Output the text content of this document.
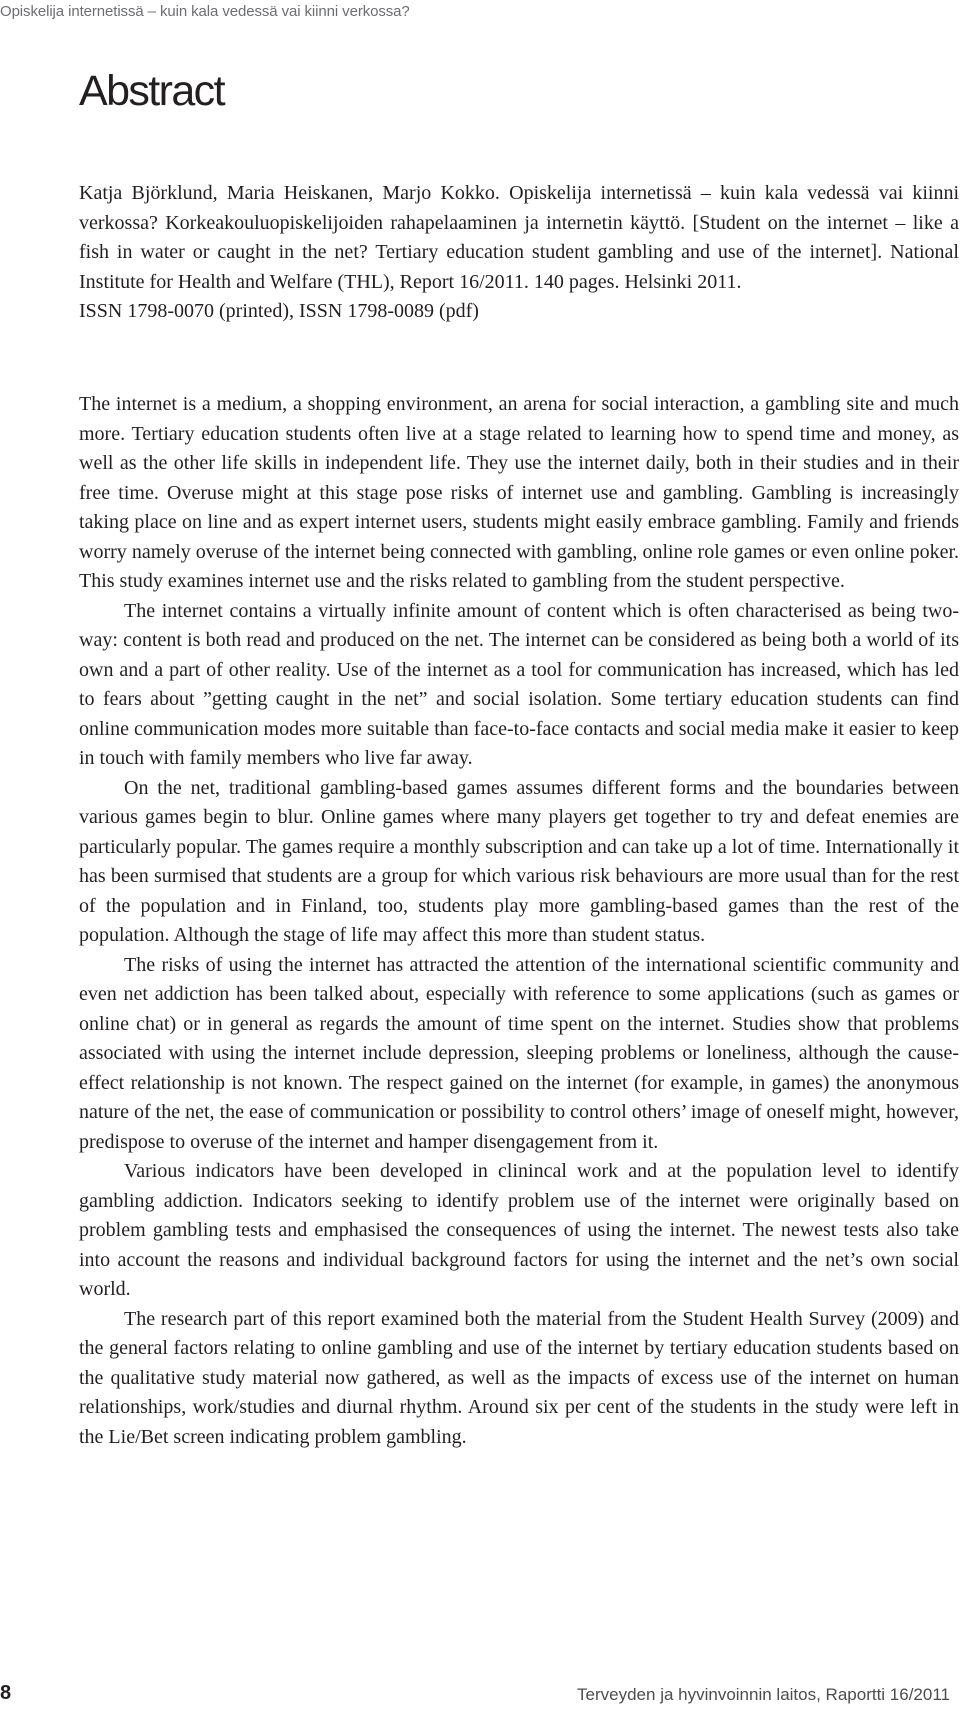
Opiskelija internetissä – kuin kala vedessä vai kiinni verkossa?
Abstract

Katja Björklund, Maria Heiskanen, Marjo Kokko. Opiskelija internetissä – kuin kala vedessä vai kiinni verkossa? Korkeakouluopiskelijoiden rahapelaaminen ja internetin käyttö. [Student on the internet – like a fish in water or caught in the net? Tertiary education student gambling and use of the internet]. National Institute for Health and Welfare (THL), Report 16/2011. 140 pages. Helsinki 2011.

ISSN 1798-0070 (printed), ISSN 1798-0089 (pdf)

The internet is a medium, a shopping environment, an arena for social interaction, a gambling site and much more. Tertiary education students often live at a stage related to learning how to spend time and money, as well as the other life skills in independent life. They use the internet daily, both in their studies and in their free time. Overuse might at this stage pose risks of internet use and gambling. Gambling is increasingly taking place on line and as expert internet users, students might easily embrace gambling. Family and friends worry namely overuse of the internet being connected with gambling, online role games or even online poker. This study examines internet use and the risks related to gambling from the student perspective.

The internet contains a virtually infinite amount of content which is often characterised as being two-way: content is both read and produced on the net. The internet can be considered as being both a world of its own and a part of other reality. Use of the internet as a tool for communication has increased, which has led to fears about ”getting caught in the net” and social isolation. Some tertiary education students can find online communication modes more suitable than face-to-face contacts and social media make it easier to keep in touch with family members who live far away.

On the net, traditional gambling-based games assumes different forms and the boundaries between various games begin to blur. Online games where many players get together to try and defeat enemies are particularly popular. The games require a monthly subscription and can take up a lot of time. Internationally it has been surmised that students are a group for which various risk behaviours are more usual than for the rest of the population and in Finland, too, students play more gambling-based games than the rest of the population. Although the stage of life may affect this more than student status.

The risks of using the internet has attracted the attention of the international scientific community and even net addiction has been talked about, especially with reference to some applications (such as games or online chat) or in general as regards the amount of time spent on the internet. Studies show that problems associated with using the internet include depression, sleeping problems or loneliness, although the cause-effect relationship is not known. The respect gained on the internet (for example, in games) the anonymous nature of the net, the ease of communication or possibility to control others’ image of oneself might, however, predispose to overuse of the internet and hamper disengagement from it.

Various indicators have been developed in clinincal work and at the population level to identify gambling addiction. Indicators seeking to identify problem use of the internet were originally based on problem gambling tests and emphasised the consequences of using the internet. The newest tests also take into account the reasons and individual background factors for using the internet and the net’s own social world.

The research part of this report examined both the material from the Student Health Survey (2009) and the general factors relating to online gambling and use of the internet by tertiary education students based on the qualitative study material now gathered, as well as the impacts of excess use of the internet on human relationships, work/studies and diurnal rhythm. Around six per cent of the students in the study were left in the Lie/Bet screen indicating problem gambling.

8	Terveyden ja hyvinvoinnin laitos, Raportti 16/2011
